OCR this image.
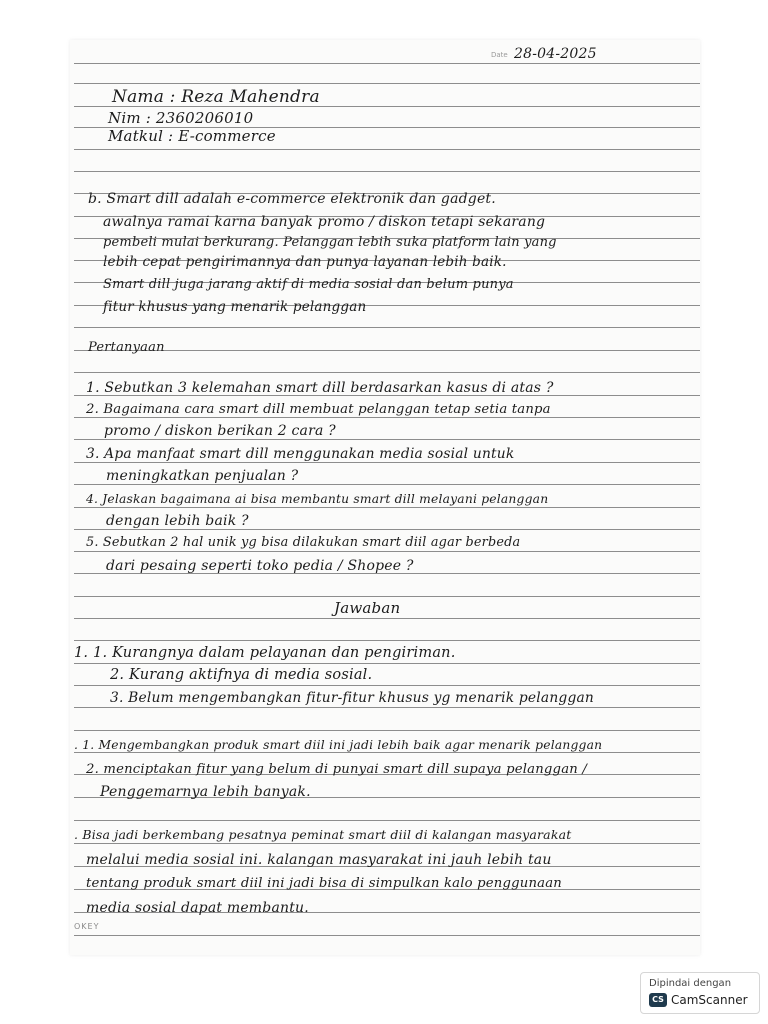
Date 28-04-2025
Nama : Reza Mahendra
Nim : 2360206010
Matkul : E-commerce
b. Smart dill adalah e-commerce elektronik dan gadget.
awalnya ramai karna banyak promo / diskon tetapi sekarang
pembeli mulai berkurang. Pelanggan lebih suka platform lain yang
lebih cepat pengirimannya dan punya layanan lebih baik.
Smart dill juga jarang aktif di media sosial dan belum punya
fitur khusus yang menarik pelanggan
Pertanyaan
1. Sebutkan 3 kelemahan smart dill berdasarkan kasus di atas ?
2. Bagaimana cara smart dill membuat pelanggan tetap setia tanpa
promo / diskon berikan 2 cara ?
3. Apa manfaat smart dill menggunakan media sosial untuk
meningkatkan penjualan ?
4. Jelaskan bagaimana ai bisa membantu smart dill melayani pelanggan
dengan lebih baik ?
5. Sebutkan 2 hal unik yg bisa dilakukan smart diil agar berbeda
dari pesaing seperti toko pedia / Shopee ?
Jawaban
1. 1. Kurangnya dalam pelayanan dan pengiriman.
2. Kurang aktifnya di media sosial.
3. Belum mengembangkan fitur-fitur khusus yg menarik pelanggan
. 1. Mengembangkan produk smart diil ini jadi lebih baik agar menarik pelanggan
2. menciptakan fitur yang belum di punyai smart dill supaya pelanggan /
Penggemarnya lebih banyak.
. Bisa jadi berkembang pesatnya peminat smart diil di kalangan masyarakat
melalui media sosial ini. kalangan masyarakat ini jauh lebih tau
tentang produk smart diil ini jadi bisa di simpulkan kalo penggunaan
media sosial dapat membantu.
OKEY
Dipindai dengan
CS CamScanner
